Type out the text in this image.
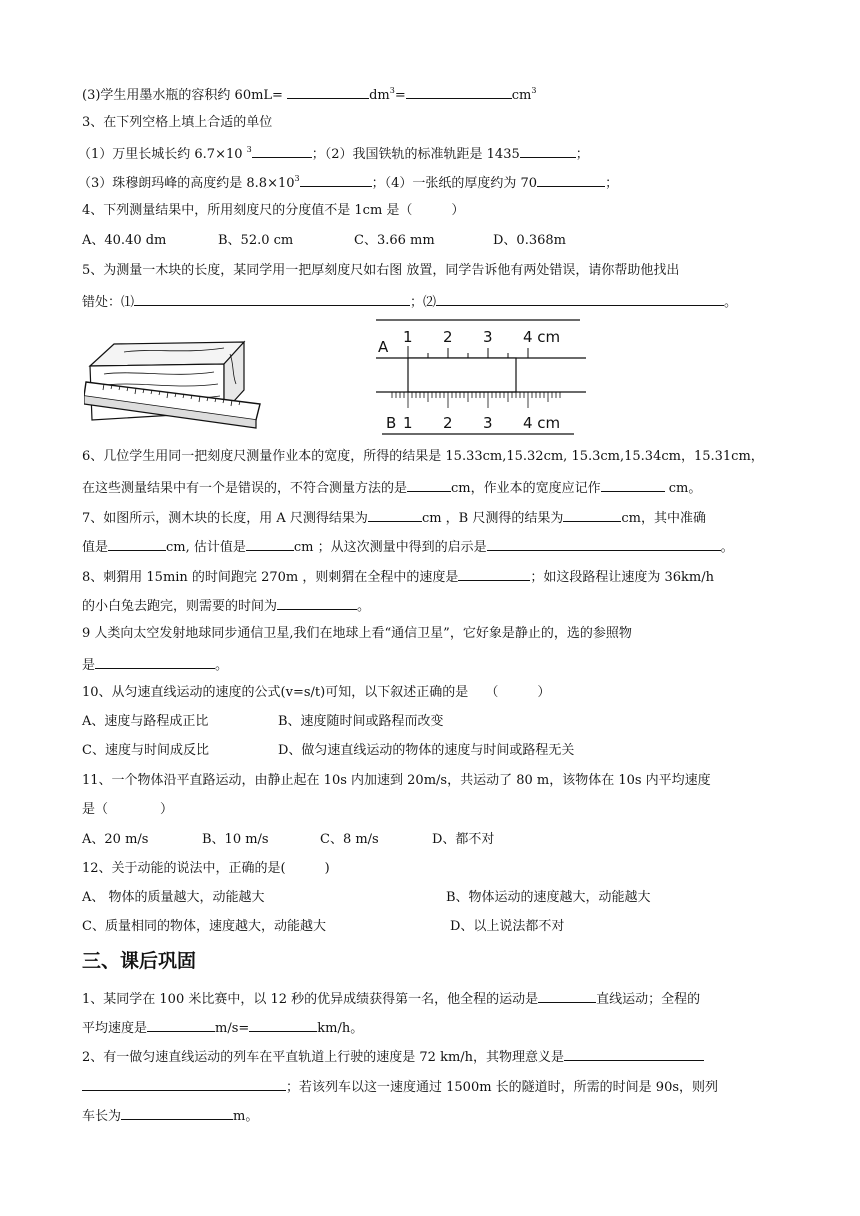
(3)学生用墨水瓶的容积约 60mL=	$dm^3=$	$cm^3$
3、在下列空格上填上合适的单位
（1）万里长城长约 6.7×10 $^3$	；（2）我国铁轨的标准轨距是 1435	；
（3）珠穆朗玛峰的高度约是 $8.8\times 10^3$	；（4）一张纸的厚度约为 70	；
4、下列测量结果中，所用刻度尺的分度值不是 1cm 是（　　　）
A、40.40 dm	B、52.0 cm	C、3.66 mm	D、0.368m
5、为测量一木块的长度，某同学用一把厚刻度尺如右图 放置，同学告诉他有两处错误，请你帮助他找出
错处：⑴	；⑵	。
A
1 2 3 4 cm
B 1 2 3 4 cm
6、几位学生用同一把刻度尺测量作业本的宽度，所得的结果是 15.33cm,15.32cm, 15.3cm,15.34cm，15.31cm，
在这些测量结果中有一个是错误的，不符合测量方法的是	cm，作业本的宽度应记作	cm。
7、如图所示，测木块的长度，用 A 尺测得结果为	cm ，B 尺测得的结果为	cm，其中准确
值是	cm, 估计值是	cm ；从这次测量中得到的启示是	。
8、刺猬用 15min 的时间跑完 270m ，则刺猬在全程中的速度是	；如这段路程让速度为 36km/h
的小白兔去跑完，则需要的时间为	。
9 人类向太空发射地球同步通信卫星,我们在地球上看“通信卫星”，它好象是静止的，选的参照物
是	。
10、从匀速直线运动的速度的公式(v=s/t)可知，以下叙述正确的是　 （　　　）
A、速度与路程成正比	B、速度随时间或路程而改变
C、速度与时间成反比	D、做匀速直线运动的物体的速度与时间或路程无关
11、一个物体沿平直路运动，由静止起在 10s 内加速到 20m/s，共运动了 80 m，该物体在 10s 内平均速度
是（　　　　）
A、20 m/s	B、10 m/s	C、8 m/s	D、都不对
12、关于动能的说法中，正确的是(　　　)
A、 物体的质量越大，动能越大	B、物体运动的速度越大，动能越大
C、质量相同的物体，速度越大，动能越大	D、以上说法都不对
三、课后巩固
1、某同学在 100 米比赛中，以 12 秒的优异成绩获得第一名，他全程的运动是	直线运动；全程的
平均速度是	m/s=	km/h。
2、有一做匀速直线运动的列车在平直轨道上行驶的速度是 72 km/h，其物理意义是
；若该列车以这一速度通过 1500m 长的隧道时，所需的时间是 90s，则列
车长为	m。
